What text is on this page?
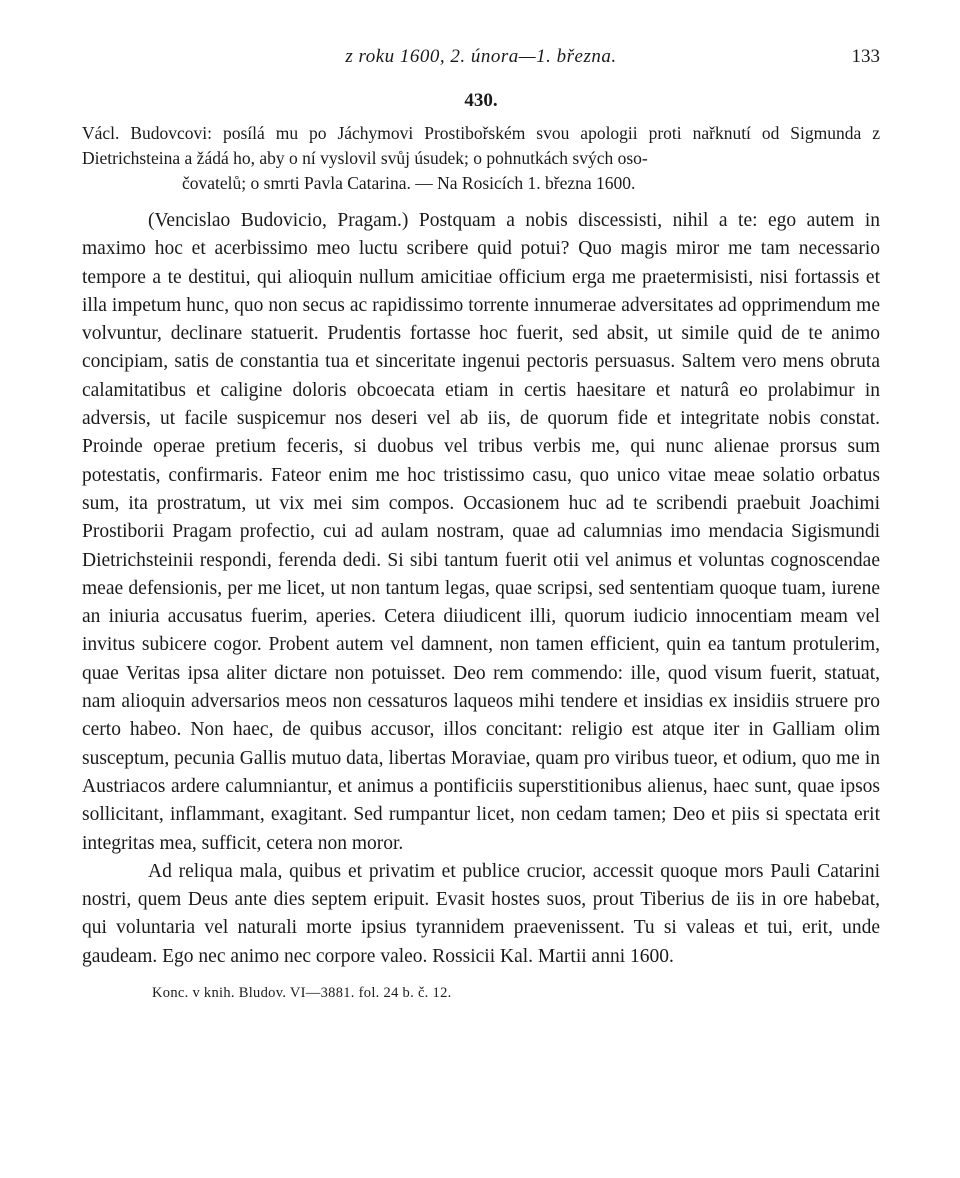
z roku 1600, 2. února—1. března.	133
430.

Václ. Budovcovi: posílá mu po Jáchymovi Prostibořském svou apologii proti nařknutí od Sigmunda z Dietrichsteina a žádá ho, aby o ní vyslovil svůj úsudek; o pohnutkách svých oso-

čovatelů; o smrti Pavla Catarina. — Na Rosicích 1. března 1600.

(Vencislao Budovicio, Pragam.) Postquam a nobis discessisti, nihil a te: ego autem in maximo hoc et acerbissimo meo luctu scribere quid potui? Quo magis miror me tam necessario tempore a te destitui, qui alioquin nullum amicitiae officium erga me praetermisisti, nisi fortassis et illa impetum hunc, quo non secus ac rapidissimo torrente innumerae adversitates ad opprimendum me volvuntur, declinare statuerit. Prudentis fortasse hoc fuerit, sed absit, ut simile quid de te animo concipiam, satis de constantia tua et sinceritate ingenui pectoris persuasus. Saltem vero mens obruta calamitatibus et caligine doloris obcoecata etiam in certis haesitare et naturâ eo prolabimur in adversis, ut facile suspicemur nos deseri vel ab iis, de quorum fide et integritate nobis constat. Proinde operae pretium feceris, si duobus vel tribus verbis me, qui nunc alienae prorsus sum potestatis, confirmaris. Fateor enim me hoc tristissimo casu, quo unico vitae meae solatio orbatus sum, ita prostratum, ut vix mei sim compos. Occasionem huc ad te scribendi praebuit Joachimi Prostiborii Pragam profectio, cui ad aulam nostram, quae ad calumnias imo mendacia Sigismundi Dietrichsteinii respondi, ferenda dedi. Si sibi tantum fuerit otii vel animus et voluntas cognoscendae meae defensionis, per me licet, ut non tantum legas, quae scripsi, sed sententiam quoque tuam, iurene an iniuria accusatus fuerim, aperies. Cetera diiudicent illi, quorum iudicio innocentiam meam vel invitus subicere cogor. Probent autem vel damnent, non tamen efficient, quin ea tantum protulerim, quae Veritas ipsa aliter dictare non potuisset. Deo rem commendo: ille, quod visum fuerit, statuat, nam alioquin adversarios meos non cessaturos laqueos mihi tendere et insidias ex insidiis struere pro certo habeo. Non haec, de quibus accusor, illos concitant: religio est atque iter in Galliam olim susceptum, pecunia Gallis mutuo data, libertas Moraviae, quam pro viribus tueor, et odium, quo me in Austriacos ardere calumniantur, et animus a pontificiis superstitionibus alienus, haec sunt, quae ipsos sollicitant, inflammant, exagitant. Sed rumpantur licet, non cedam tamen; Deo et piis si spectata erit integritas mea, sufficit, cetera non moror.

Ad reliqua mala, quibus et privatim et publice crucior, accessit quoque mors Pauli Catarini nostri, quem Deus ante dies septem eripuit. Evasit hostes suos, prout Tiberius de iis in ore habebat, qui voluntaria vel naturali morte ipsius tyrannidem praevenissent. Tu si valeas et tui, erit, unde gaudeam. Ego nec animo nec corpore valeo. Rossicii Kal. Martii anni 1600.

Konc. v knih. Bludov. VI—3881. fol. 24 b. č. 12.
